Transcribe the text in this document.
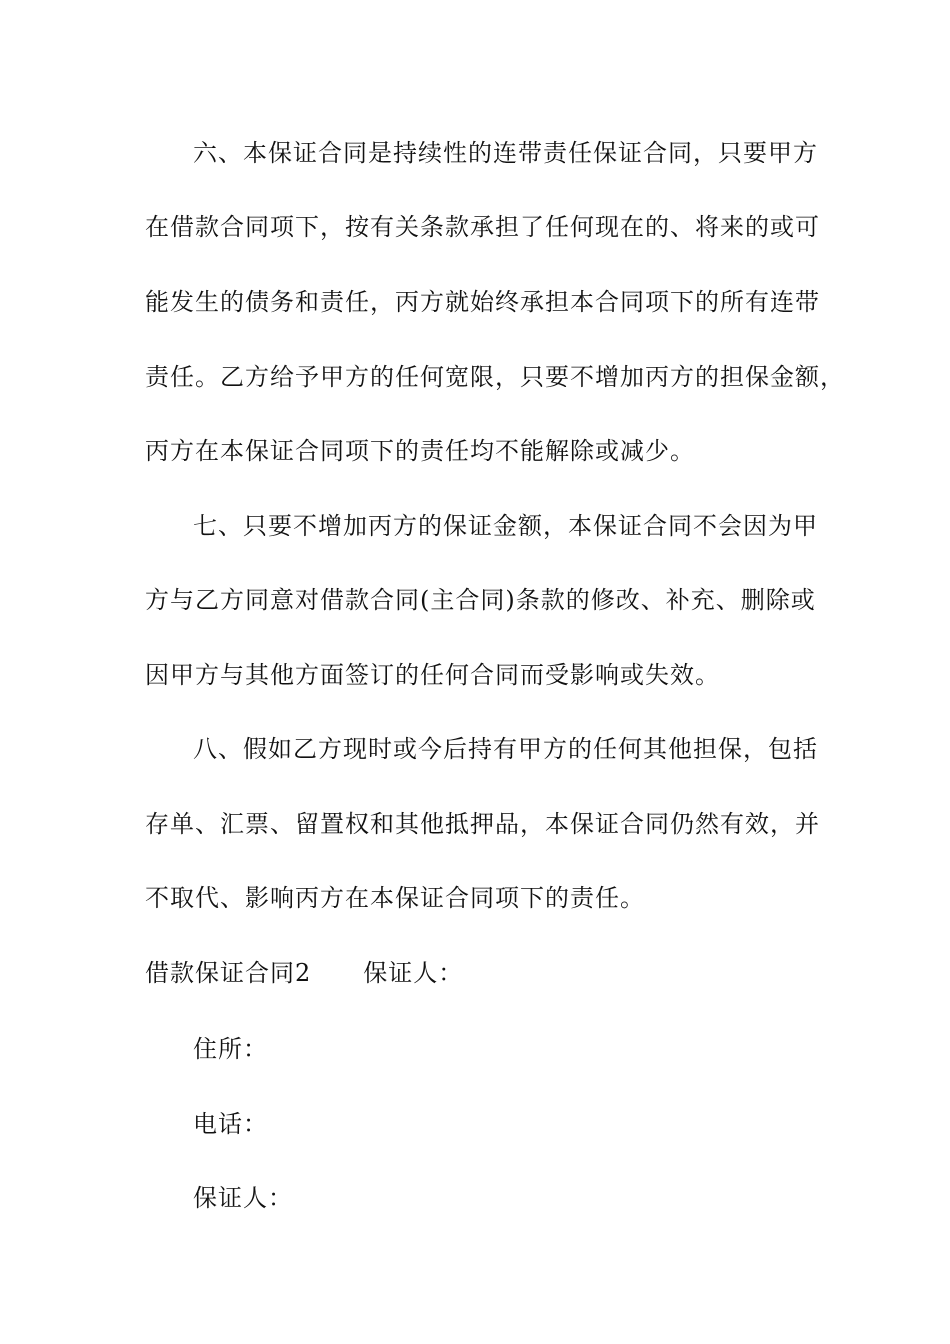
六、本保证合同是持续性的连带责任保证合同，只要甲方
在借款合同项下，按有关条款承担了任何现在的、将来的或可
能发生的债务和责任，丙方就始终承担本合同项下的所有连带
责任。乙方给予甲方的任何宽限，只要不增加丙方的担保金额，
丙方在本保证合同项下的责任均不能解除或减少。
七、只要不增加丙方的保证金额，本保证合同不会因为甲
方与乙方同意对借款合同(主合同)条款的修改、补充、删除或
因甲方与其他方面签订的任何合同而受影响或失效。
八、假如乙方现时或今后持有甲方的任何其他担保，包括
存单、汇票、留置权和其他抵押品，本保证合同仍然有效，并
不取代、影响丙方在本保证合同项下的责任。
借款保证合同2 保证人：
住所：
电话：
保证人：
